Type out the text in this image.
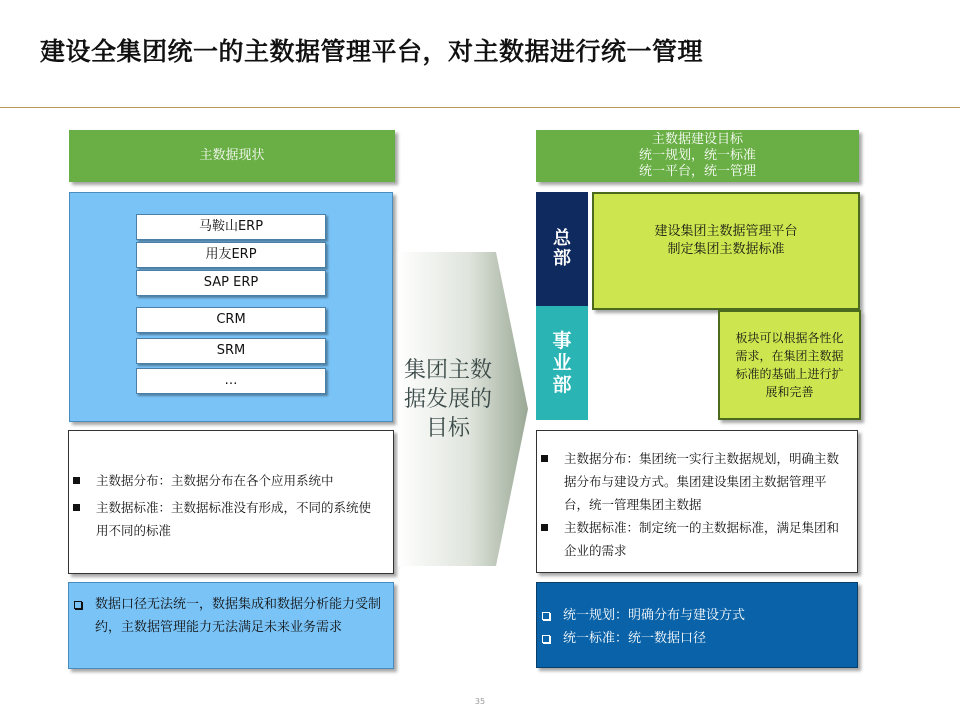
建设全集团统一的主数据管理平台，对主数据进行统一管理
主数据现状
马鞍山ERP
用友ERP
SAP ERP
CRM
SRM
…
主数据分布：主数据分布在各个应用系统中
主数据标准：主数据标准没有形成，不同的系统使用不同的标准
数据口径无法统一，数据集成和数据分析能力受制约，主数据管理能力无法满足未来业务需求
集团主数
据发展的
目标
主数据建设目标
统一规划，统一标准
统一平台，统一管理
总
部
事
业
部
建设集团主数据管理平台
制定集团主数据标准
板块可以根据各性化需求，在集团主数据标准的基础上进行扩展和完善
主数据分布：集团统一实行主数据规划，明确主数据分布与建设方式。集团建设集团主数据管理平台，统一管理集团主数据
主数据标准：制定统一的主数据标准，满足集团和企业的需求
统一规划：明确分布与建设方式
统一标准：统一数据口径
35
